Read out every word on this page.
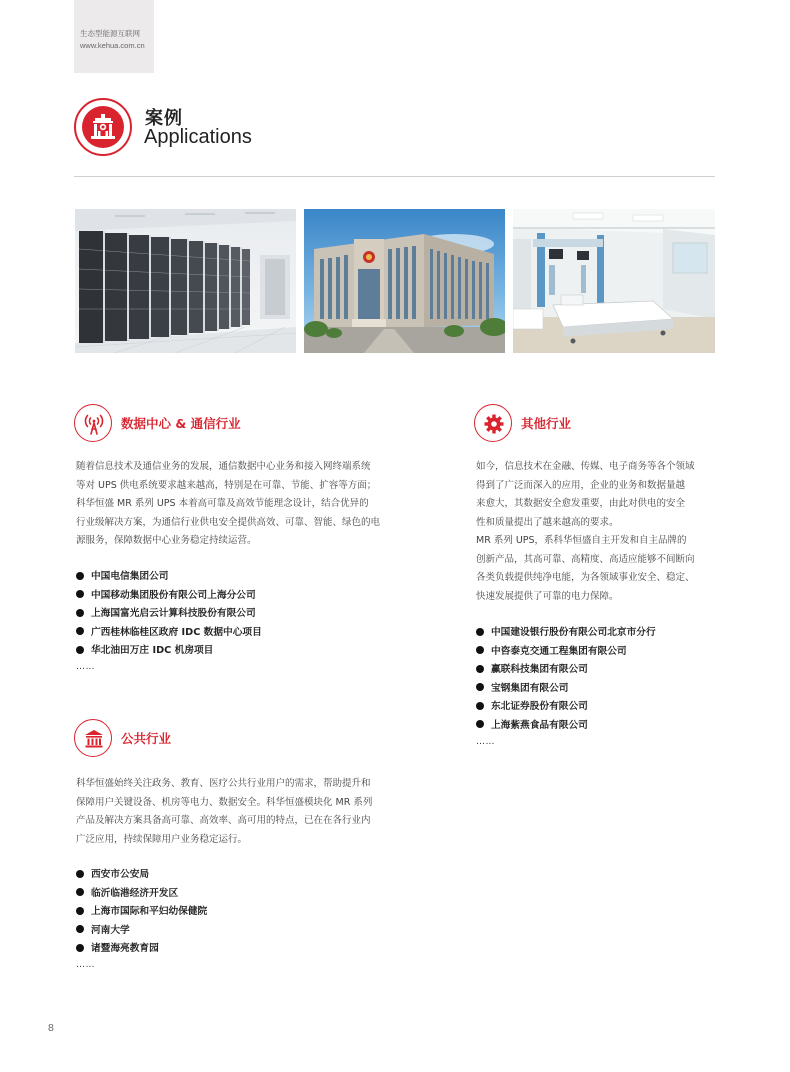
生态型能源互联网
www.kehua.com.cn
案例
Applications
数据中心 & 通信行业

随着信息技术及通信业务的发展，通信数据中心业务和接入网终端系统

等对 UPS 供电系统要求越来越高，特别是在可靠、节能、扩容等方面；

科华恒盛 MR 系列 UPS 本着高可靠及高效节能理念设计，结合优异的

行业级解决方案，为通信行业供电安全提供高效、可靠、智能、绿色的电

源服务，保障数据中心业务稳定持续运营。

中国电信集团公司
中国移动集团股份有限公司上海分公司
上海国富光启云计算科技股份有限公司
广西桂林临桂区政府 IDC 数据中心项目
华北油田万庄 IDC 机房项目
……
公共行业

科华恒盛始终关注政务、教育、医疗公共行业用户的需求，帮助提升和

保障用户关键设备、机房等电力、数据安全。科华恒盛模块化 MR 系列

产品及解决方案具备高可靠、高效率、高可用的特点，已在在各行业内

广泛应用，持续保障用户业务稳定运行。

西安市公安局
临沂临港经济开发区
上海市国际和平妇幼保健院
河南大学
诸暨海亮教育园
……
其他行业

如今，信息技术在金融、传媒、电子商务等各个领域

得到了广泛而深入的应用，企业的业务和数据量越

来愈大，其数据安全愈发重要，由此对供电的安全

性和质量提出了越来越高的要求。

MR 系列 UPS，系科华恒盛自主开发和自主品牌的

创新产品，其高可靠、高精度、高适应能够不间断向

各类负载提供纯净电能，为各领域事业安全、稳定、

快速发展提供了可靠的电力保障。

中国建设银行股份有限公司北京市分行
中咨泰克交通工程集团有限公司
赢联科技集团有限公司
宝钢集团有限公司
东北证券股份有限公司
上海紫燕食品有限公司
……
8
